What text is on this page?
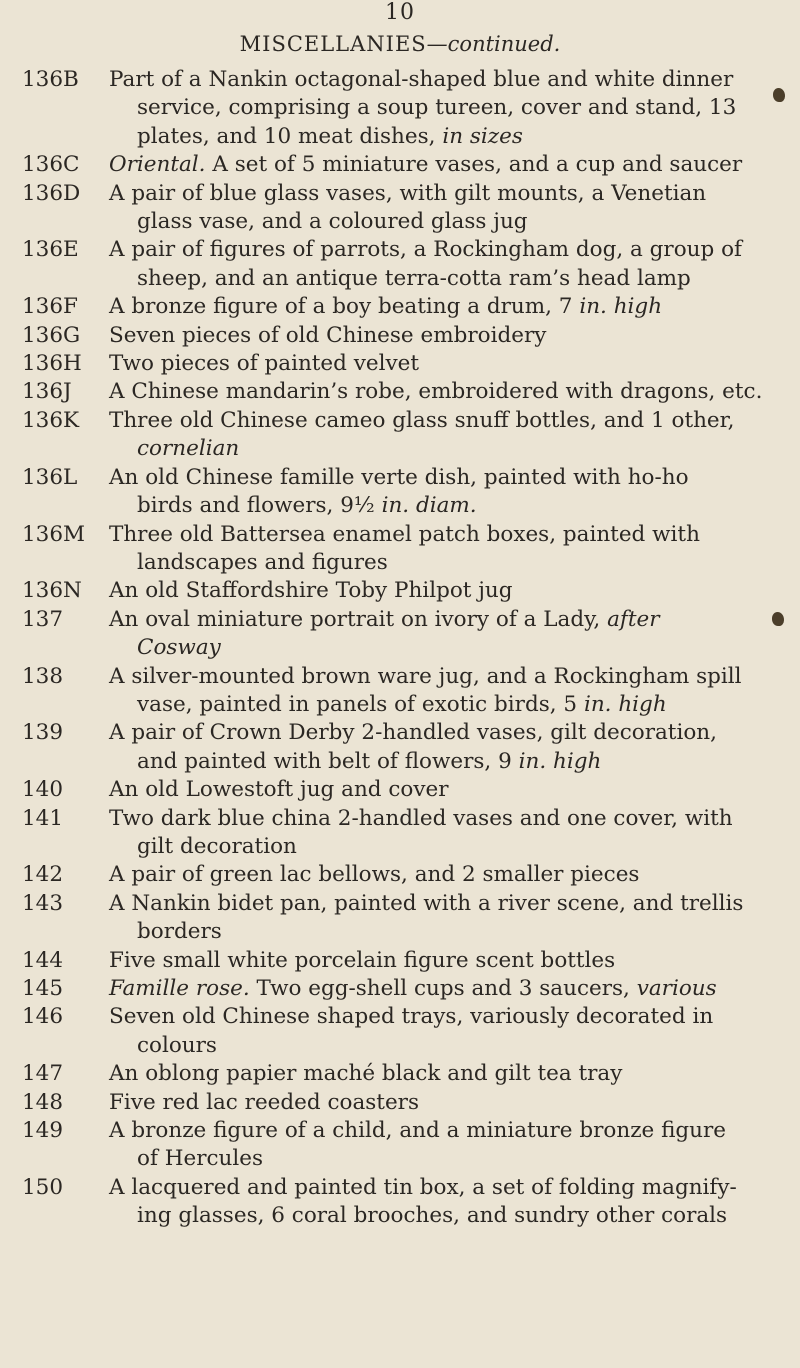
10
MISCELLANIES—continued.
136B	Part of a Nankin octagonal-shaped blue and white dinner
service, comprising a soup tureen, cover and stand, 13
plates, and 10 meat dishes, in sizes
136C	Oriental. A set of 5 miniature vases, and a cup and saucer
136D	A pair of blue glass vases, with gilt mounts, a Venetian
glass vase, and a coloured glass jug
136E	A pair of figures of parrots, a Rockingham dog, a group of
sheep, and an antique terra-cotta ram’s head lamp
136F	A bronze figure of a boy beating a drum, 7 in. high
136G	Seven pieces of old Chinese embroidery
136H	Two pieces of painted velvet
136J	A Chinese mandarin’s robe, embroidered with dragons, etc.
136K	Three old Chinese cameo glass snuff bottles, and 1 other,
cornelian
136L	An old Chinese famille verte dish, painted with ho-ho
birds and flowers, 9½ in. diam.
136M	Three old Battersea enamel patch boxes, painted with
landscapes and figures
136N	An old Staffordshire Toby Philpot jug
137	An oval miniature portrait on ivory of a Lady, after
Cosway
138	A silver-mounted brown ware jug, and a Rockingham spill
vase, painted in panels of exotic birds, 5 in. high
139	A pair of Crown Derby 2-handled vases, gilt decoration,
and painted with belt of flowers, 9 in. high
140	An old Lowestoft jug and cover
141	Two dark blue china 2-handled vases and one cover, with
gilt decoration
142	A pair of green lac bellows, and 2 smaller pieces
143	A Nankin bidet pan, painted with a river scene, and trellis
borders
144	Five small white porcelain figure scent bottles
145	Famille rose. Two egg-shell cups and 3 saucers, various
146	Seven old Chinese shaped trays, variously decorated in
colours
147	An oblong papier maché black and gilt tea tray
148	Five red lac reeded coasters
149	A bronze figure of a child, and a miniature bronze figure
of Hercules
150	A lacquered and painted tin box, a set of folding magnify-
ing glasses, 6 coral brooches, and sundry other corals
